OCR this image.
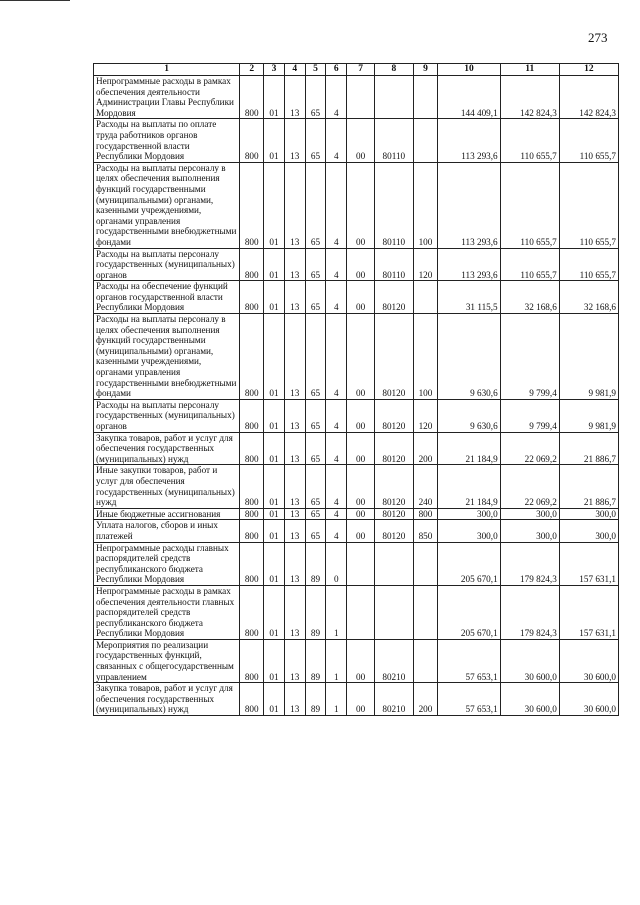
273
1	2	3	4	5	6	7	8	9	10	11	12
Непрограммные расходы в рамках обеспечения деятельности Администрации Главы Республики Мордовия	800	01	13	65	4				144 409,1	142 824,3	142 824,3
Расходы на выплаты по оплате труда работников органов государственной власти Республики Мордовия	800	01	13	65	4	00	80110		113 293,6	110 655,7	110 655,7
Расходы на выплаты персоналу в целях обеспечения выполнения функций государственными (муниципальными) органами, казенными учреждениями, органами управления государственными внебюджетными фондами	800	01	13	65	4	00	80110	100	113 293,6	110 655,7	110 655,7
Расходы на выплаты персоналу государственных (муниципальных) органов	800	01	13	65	4	00	80110	120	113 293,6	110 655,7	110 655,7
Расходы на обеспечение функций органов государственной власти Республики Мордовия	800	01	13	65	4	00	80120		31 115,5	32 168,6	32 168,6
Расходы на выплаты персоналу в целях обеспечения выполнения функций государственными (муниципальными) органами, казенными учреждениями, органами управления государственными внебюджетными фондами	800	01	13	65	4	00	80120	100	9 630,6	9 799,4	9 981,9
Расходы на выплаты персоналу государственных (муниципальных) органов	800	01	13	65	4	00	80120	120	9 630,6	9 799,4	9 981,9
Закупка товаров, работ и услуг для обеспечения государственных (муниципальных) нужд	800	01	13	65	4	00	80120	200	21 184,9	22 069,2	21 886,7
Иные закупки товаров, работ и услуг для обеспечения государственных (муниципальных) нужд	800	01	13	65	4	00	80120	240	21 184,9	22 069,2	21 886,7
Иные бюджетные ассигнования	800	01	13	65	4	00	80120	800	300,0	300,0	300,0
Уплата налогов, сборов и иных платежей	800	01	13	65	4	00	80120	850	300,0	300,0	300,0
Непрограммные расходы главных распорядителей средств республиканского бюджета Республики Мордовия	800	01	13	89	0				205 670,1	179 824,3	157 631,1
Непрограммные расходы в рамках обеспечения деятельности главных распорядителей средств республиканского бюджета Республики Мордовия	800	01	13	89	1				205 670,1	179 824,3	157 631,1
Мероприятия по реализации государственных функций, связанных с общегосударственным управлением	800	01	13	89	1	00	80210		57 653,1	30 600,0	30 600,0
Закупка товаров, работ и услуг для обеспечения государственных (муниципальных) нужд	800	01	13	89	1	00	80210	200	57 653,1	30 600,0	30 600,0
